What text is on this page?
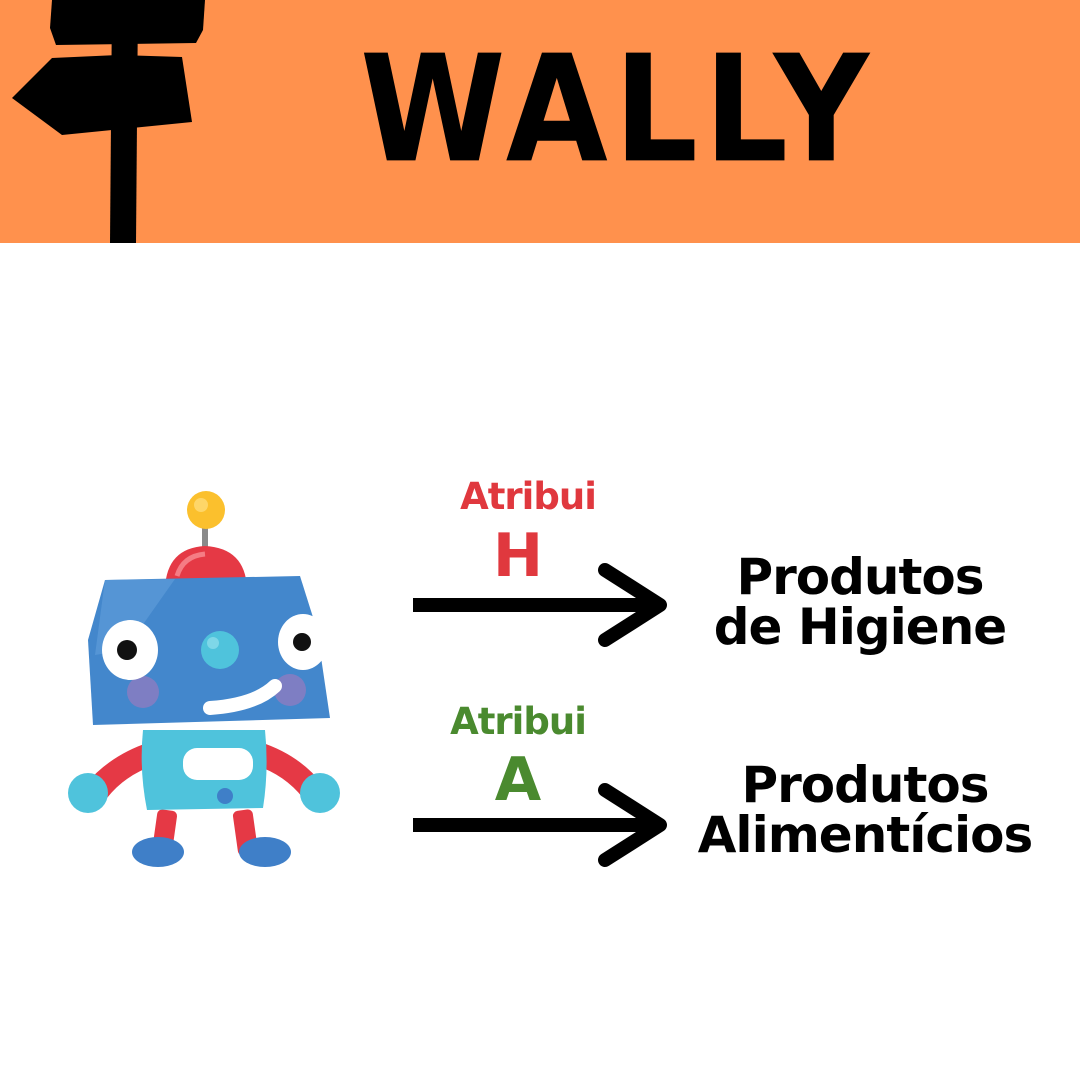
WALLY
Atribui
H	Produtos
de Higiene
Atribui
A	Produtos
Alimentícios
